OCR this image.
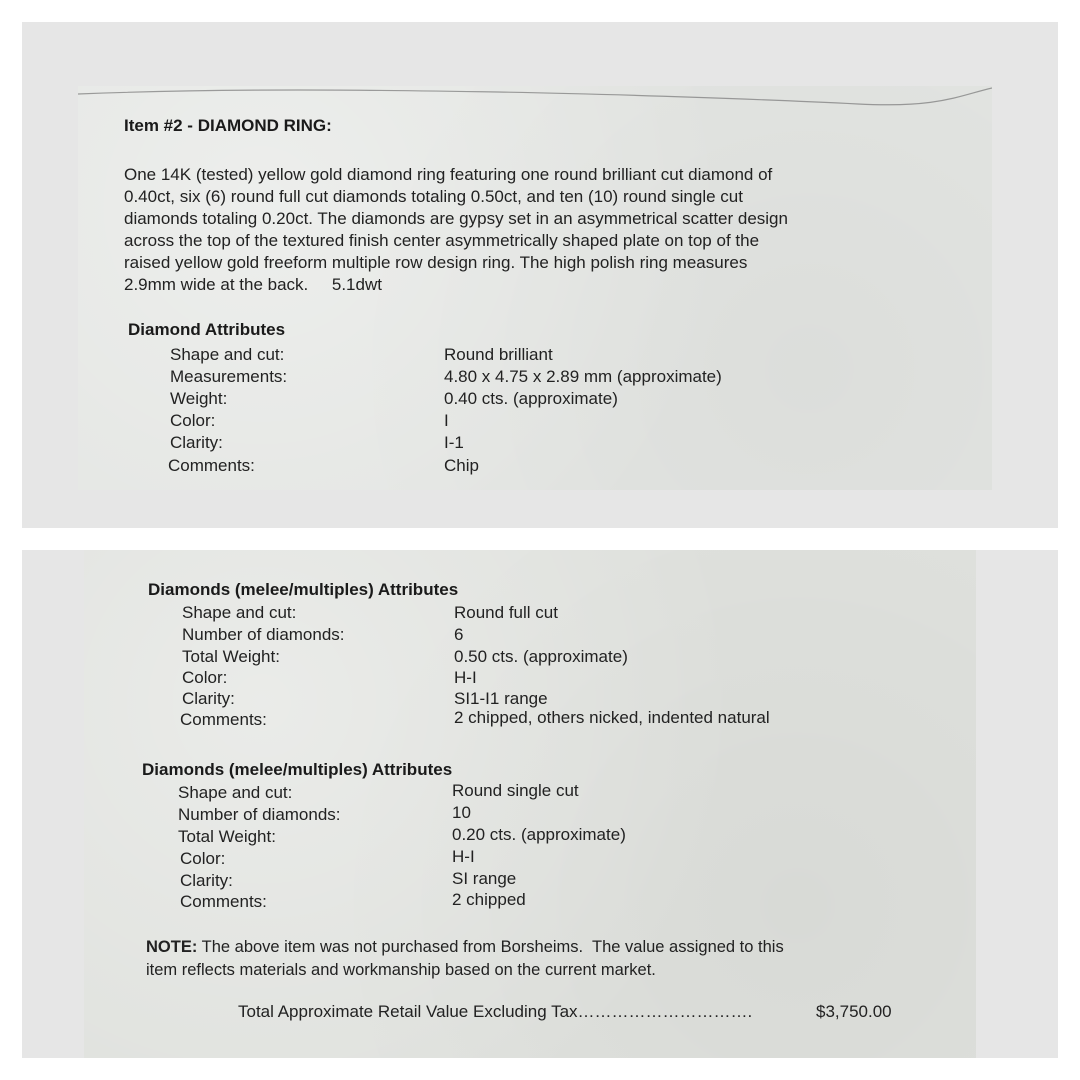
Item #2 - DIAMOND RING:
One 14K (tested) yellow gold diamond ring featuring one round brilliant cut diamond of
0.40ct, six (6) round full cut diamonds totaling 0.50ct, and ten (10) round single cut
diamonds totaling 0.20ct. The diamonds are gypsy set in an asymmetrical scatter design
across the top of the textured finish center asymmetrically shaped plate on top of the
raised yellow gold freeform multiple row design ring. The high polish ring measures
2.9mm wide at the back.     5.1dwt
Diamond Attributes
Shape and cut:	Round brilliant
Measurements:	4.80 x 4.75 x 2.89 mm (approximate)
Weight:	0.40 cts. (approximate)
Color:	I
Clarity:	I-1
Comments:	Chip
Diamonds (melee/multiples) Attributes
Shape and cut:	Round full cut
Number of diamonds:	6
Total Weight:	0.50 cts. (approximate)
Color:	H-I
Clarity:	SI1-I1 range
Comments:	2 chipped, others nicked, indented natural
Diamonds (melee/multiples) Attributes
Shape and cut:	Round single cut
Number of diamonds:	10
Total Weight:	0.20 cts. (approximate)
Color:	H-I
Clarity:	SI range
Comments:	2 chipped
NOTE: The above item was not purchased from Borsheims.  The value assigned to this
item reflects materials and workmanship based on the current market.
Total Approximate Retail Value Excluding Tax………………………….	$3,750.00
